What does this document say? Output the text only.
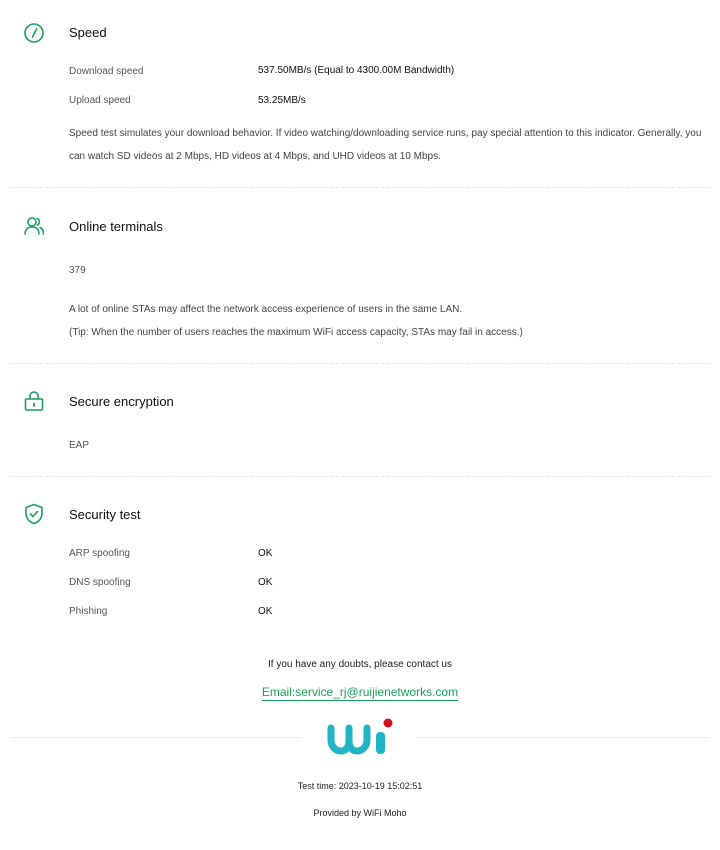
Speed
Download speed	537.50MB/s (Equal to 4300.00M Bandwidth)
Upload speed	53.25MB/s
Speed test simulates your download behavior. If video watching/downloading service runs, pay special attention to this indicator. Generally, you can watch SD videos at 2 Mbps, HD videos at 4 Mbps, and UHD videos at 10 Mbps.
Online terminals
379
A lot of online STAs may affect the network access experience of users in the same LAN.
(Tip: When the number of users reaches the maximum WiFi access capacity, STAs may fail in access.)
Secure encryption
EAP
Security test
ARP spoofing	OK
DNS spoofing	OK
Phishing	OK
If you have any doubts, please contact us
Email:service_rj@ruijienetworks.com
Test time: 2023-10-19 15:02:51
Provided by WiFi Moho
